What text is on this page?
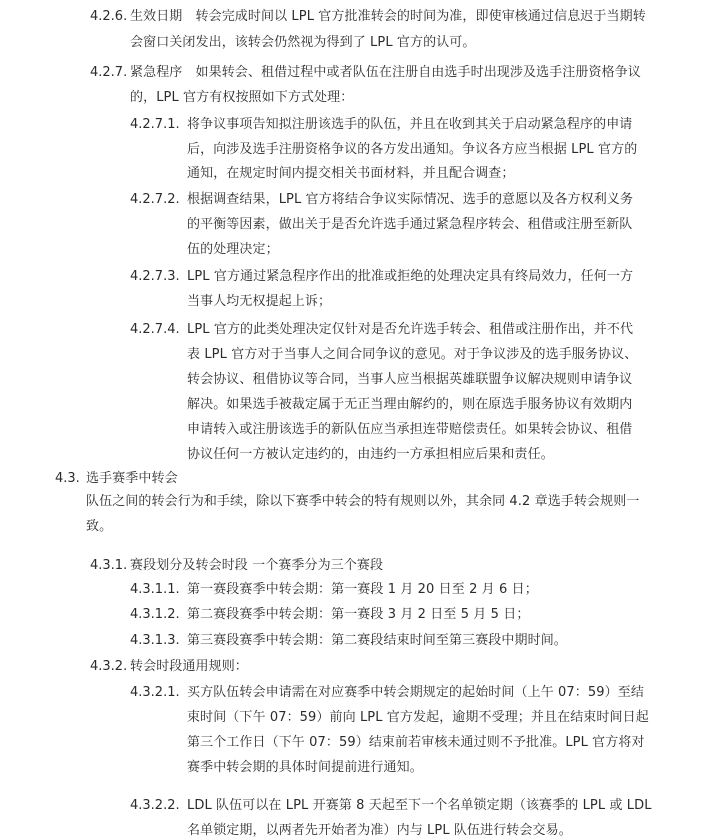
4.2.6. 生效日期　转会完成时间以 LPL 官方批准转会的时间为准，即使审核通过信息迟于当期转
会窗口关闭发出，该转会仍然视为得到了 LPL 官方的认可。
4.2.7. 紧急程序　如果转会、租借过程中或者队伍在注册自由选手时出现涉及选手注册资格争议
的，LPL 官方有权按照如下方式处理：
4.2.7.1. 将争议事项告知拟注册该选手的队伍，并且在收到其关于启动紧急程序的申请
后，向涉及选手注册资格争议的各方发出通知。争议各方应当根据 LPL 官方的
通知，在规定时间内提交相关书面材料，并且配合调查；
4.2.7.2. 根据调查结果，LPL 官方将结合争议实际情况、选手的意愿以及各方权利义务
的平衡等因素，做出关于是否允许选手通过紧急程序转会、租借或注册至新队
伍的处理决定；
4.2.7.3. LPL 官方通过紧急程序作出的批准或拒绝的处理决定具有终局效力，任何一方
当事人均无权提起上诉；
4.2.7.4. LPL 官方的此类处理决定仅针对是否允许选手转会、租借或注册作出，并不代
表 LPL 官方对于当事人之间合同争议的意见。对于争议涉及的选手服务协议、
转会协议、租借协议等合同，当事人应当根据英雄联盟争议解决规则申请争议
解决。如果选手被裁定属于无正当理由解约的，则在原选手服务协议有效期内
申请转入或注册该选手的新队伍应当承担连带赔偿责任。如果转会协议、租借
协议任何一方被认定违约的，由违约一方承担相应后果和责任。
4.3. 选手赛季中转会
队伍之间的转会行为和手续，除以下赛季中转会的特有规则以外，其余同 4.2 章选手转会规则一
致。
4.3.1. 赛段划分及转会时段 一个赛季分为三个赛段
4.3.1.1. 第一赛段赛季中转会期：第一赛段 1 月 20 日至 2 月 6 日；
4.3.1.2. 第二赛段赛季中转会期：第一赛段 3 月 2 日至 5 月 5 日；
4.3.1.3. 第三赛段赛季中转会期：第二赛段结束时间至第三赛段中期时间。
4.3.2. 转会时段通用规则：
4.3.2.1. 买方队伍转会申请需在对应赛季中转会期规定的起始时间（上午 07：59）至结
束时间（下午 07：59）前向 LPL 官方发起，逾期不受理；并且在结束时间日起
第三个工作日（下午 07：59）结束前若审核未通过则不予批准。LPL 官方将对
赛季中转会期的具体时间提前进行通知。
4.3.2.2. LDL 队伍可以在 LPL 开赛第 8 天起至下一个名单锁定期（该赛季的 LPL 或 LDL
名单锁定期，以两者先开始者为准）内与 LPL 队伍进行转会交易。
